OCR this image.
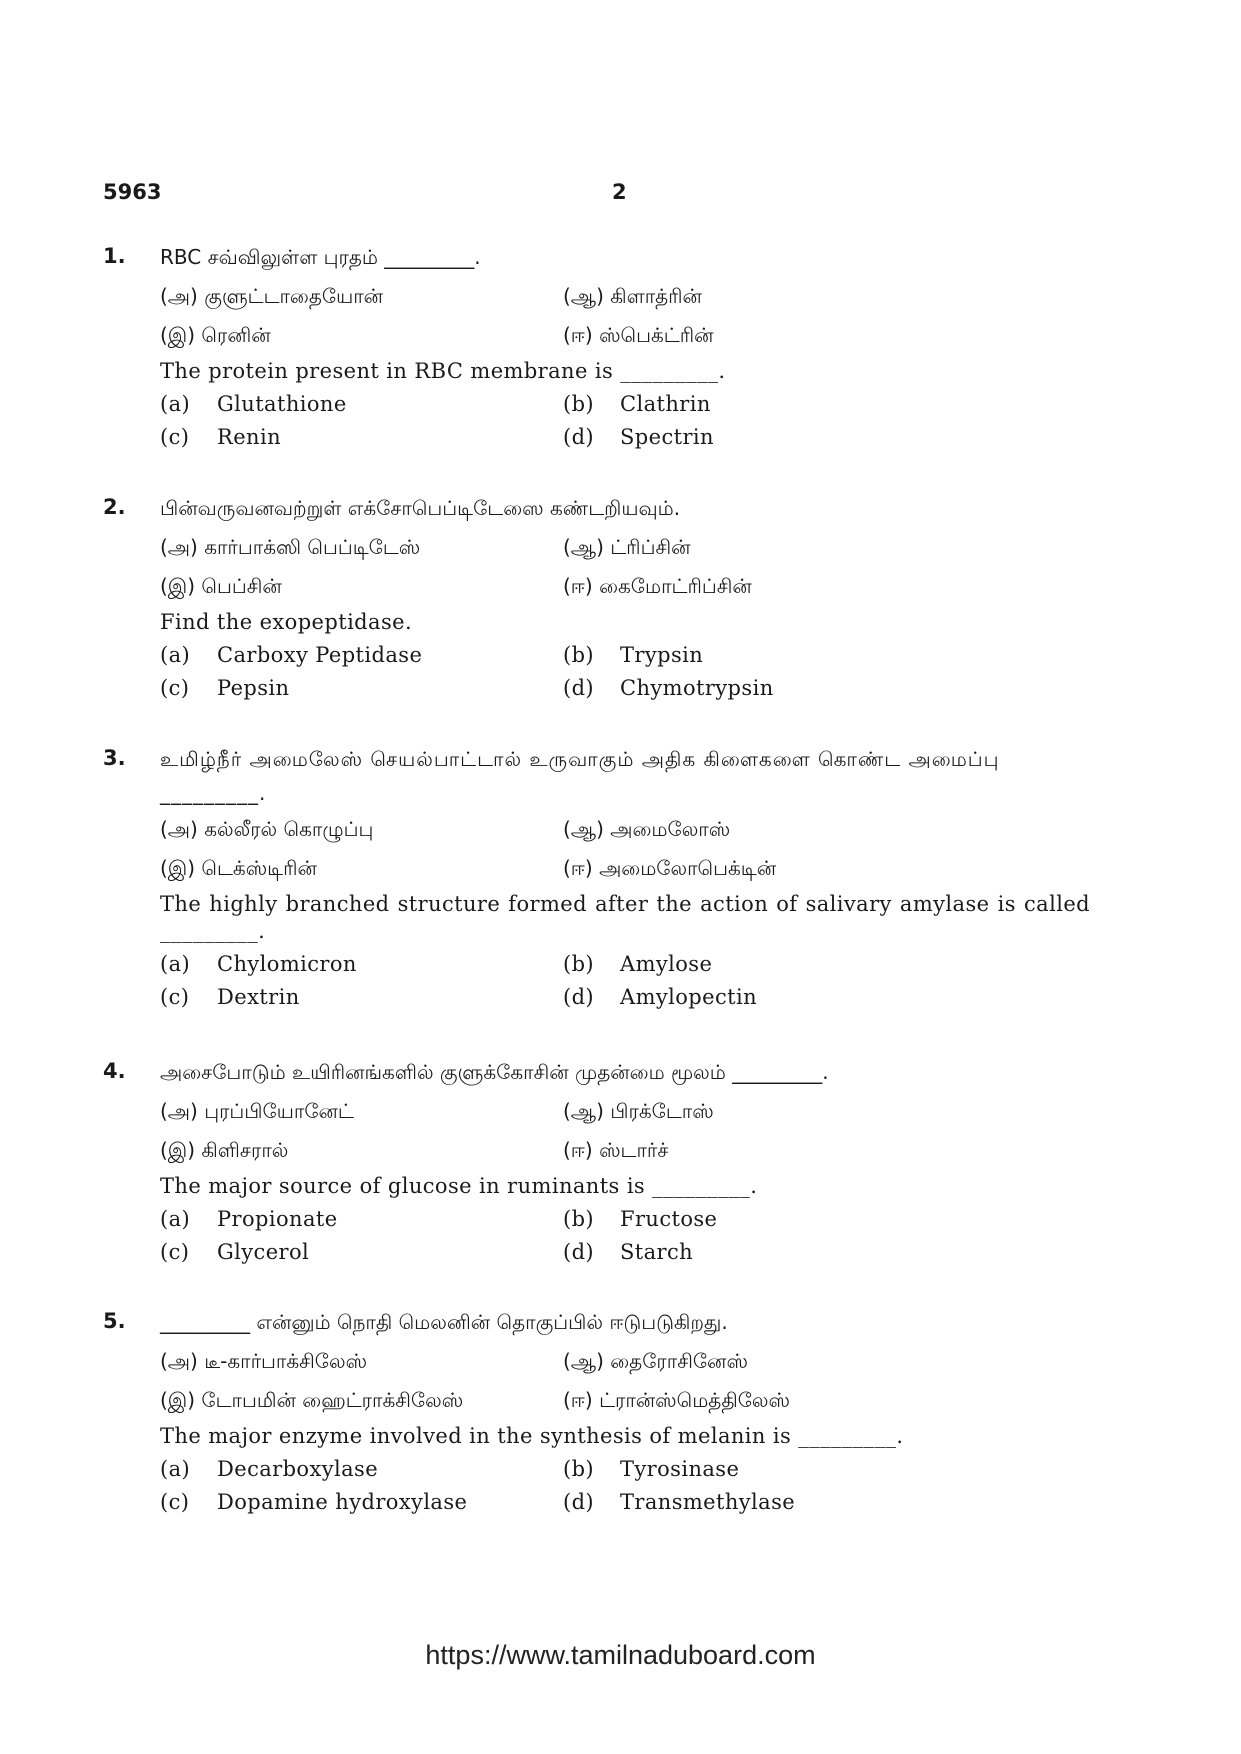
5963	2
1. RBC சவ்விலுள்ள புரதம் _________.
(அ) குளுட்டாதையோன்	(ஆ) கிளாத்ரின்
(இ) ரெனின்	(ஈ) ஸ்பெக்ட்ரின்
The protein present in RBC membrane is _________.
(a) Glutathione	(b) Clathrin
(c) Renin	(d) Spectrin
2. பின்வருவனவற்றுள் எக்சோபெப்டிடேஸை கண்டறியவும்.
(அ) கார்பாக்ஸி பெப்டிடேஸ்	(ஆ) ட்ரிப்சின்
(இ) பெப்சின்	(ஈ) கைமோட்ரிப்சின்
Find the exopeptidase.
(a) Carboxy Peptidase	(b) Trypsin
(c) Pepsin	(d) Chymotrypsin
3. உமிழ்நீர் அமைலேஸ் செயல்பாட்டால் உருவாகும் அதிக கிளைகளை கொண்ட அமைப்பு _________.
(அ) கல்லீரல் கொழுப்பு	(ஆ) அமைலோஸ்
(இ) டெக்ஸ்டிரின்	(ஈ) அமைலோபெக்டின்
The highly branched structure formed after the action of salivary amylase is called _________.
(a) Chylomicron	(b) Amylose
(c) Dextrin	(d) Amylopectin
4. அசைபோடும் உயிரினங்களில் குளுக்கோசின் முதன்மை மூலம் _________.
(அ) புரப்பியோனேட்	(ஆ) பிரக்டோஸ்
(இ) கிளிசரால்	(ஈ) ஸ்டார்ச்
The major source of glucose in ruminants is _________.
(a) Propionate	(b) Fructose
(c) Glycerol	(d) Starch
5. _________ என்னும் நொதி மெலனின் தொகுப்பில் ஈடுபடுகிறது.
(அ) டீ-கார்பாக்சிலேஸ்	(ஆ) தைரோசினேஸ்
(இ) டோபமின் ஹைட்ராக்சிலேஸ்	(ஈ) ட்ரான்ஸ்மெத்திலேஸ்
The major enzyme involved in the synthesis of melanin is _________.
(a) Decarboxylase	(b) Tyrosinase
(c) Dopamine hydroxylase	(d) Transmethylase
https://www.tamilnaduboard.com
